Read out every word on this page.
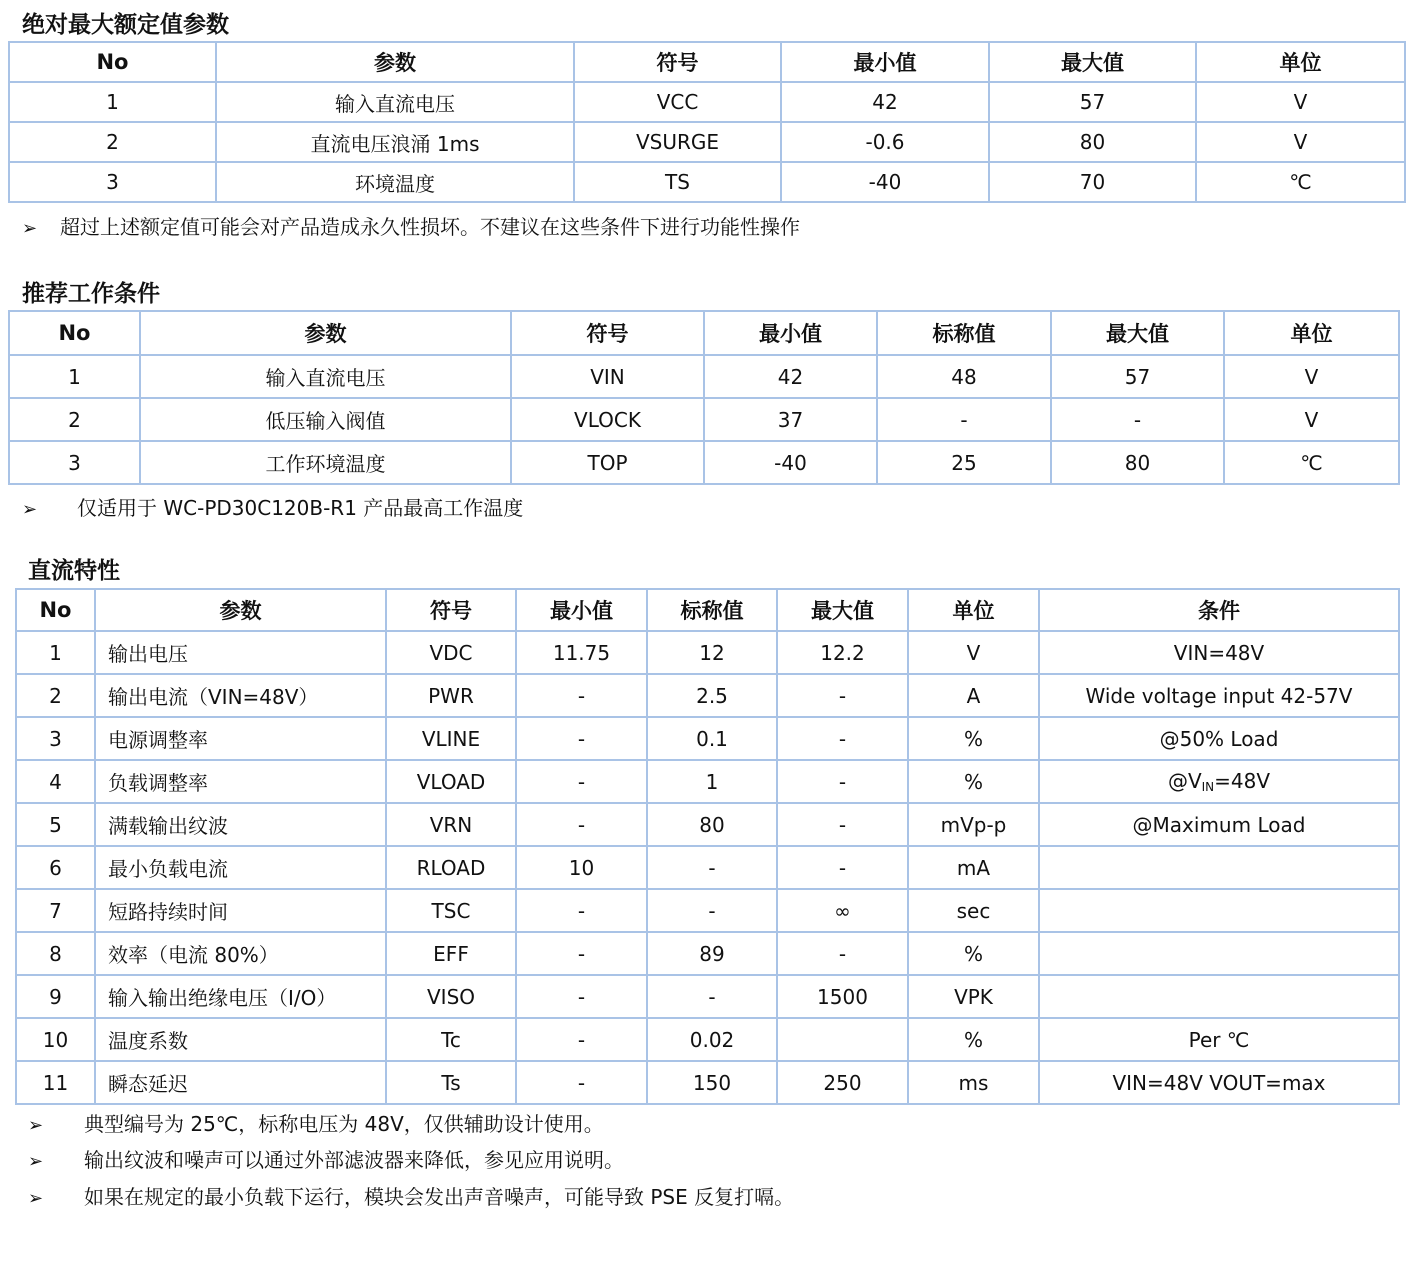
绝对最大额定值参数
No	参数	符号	最小值	最大值	单位
1	输入直流电压	VCC	42	57	V
2	直流电压浪涌 1ms	VSURGE	-0.6	80	V
3	环境温度	TS	-40	70	℃

➢ 超过上述额定值可能会对产品造成永久性损坏。不建议在这些条件下进行功能性操作

推荐工作条件
No	参数	符号	最小值	标称值	最大值	单位
1	输入直流电压	VIN	42	48	57	V
2	低压输入阀值	VLOCK	37	-	-	V
3	工作环境温度	TOP	-40	25	80	℃

➢ 仅适用于 WC-PD30C120B-R1 产品最高工作温度

直流特性
No	参数	符号	最小值	标称值	最大值	单位	条件
1	输出电压	VDC	11.75	12	12.2	V	VIN=48V
2	输出电流（VIN=48V）	PWR	-	2.5	-	A	Wide voltage input 42-57V
3	电源调整率	VLINE	-	0.1	-	%	@50% Load
4	负载调整率	VLOAD	-	1	-	%	$@V_{IN}=48V$
5	满载输出纹波	VRN	-	80	-	mVp-p	@Maximum Load
6	最小负载电流	RLOAD	10	-	-	mA	
7	短路持续时间	TSC	-	-	∞	sec	
8	效率（电流 80%）	EFF	-	89	-	%	
9	输入输出绝缘电压（I/O）	VISO	-	-	1500	VPK	
10	温度系数	Tc	-	0.02		%	Per ℃
11	瞬态延迟	Ts	-	150	250	ms	VIN=48V VOUT=max

➢ 典型编号为 25℃，标称电压为 48V，仅供辅助设计使用。

➢ 输出纹波和噪声可以通过外部滤波器来降低，参见应用说明。

➢ 如果在规定的最小负载下运行，模块会发出声音噪声，可能导致 PSE 反复打嗝。
